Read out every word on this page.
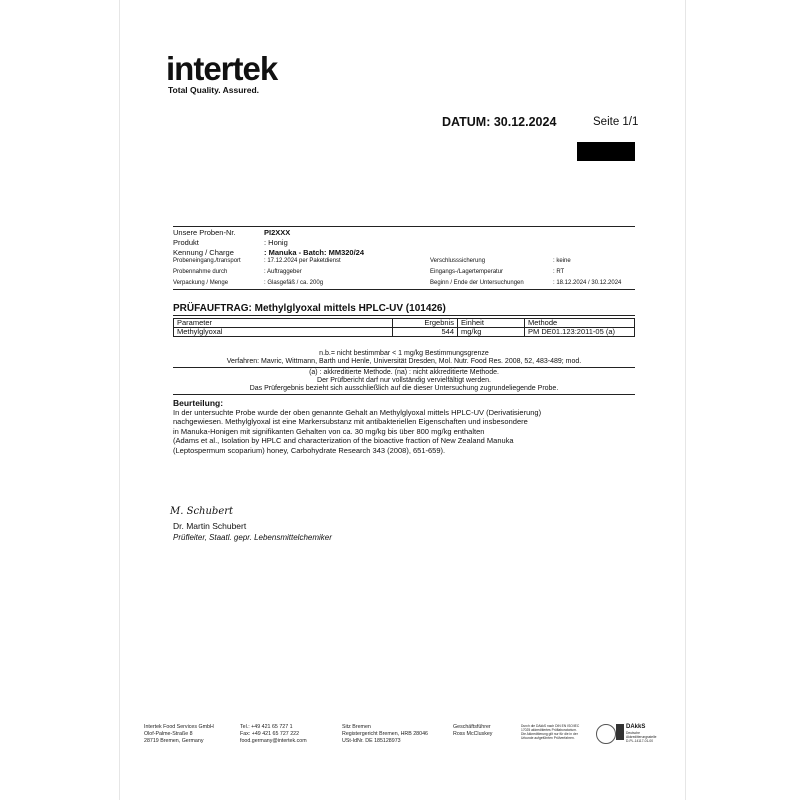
intertek
Total Quality. Assured.
DATUM: 30.12.2024	Seite 1/1
Unsere Proben-Nr.	PI2XXX
Produkt	: Honig
Kennung / Charge	: Manuka - Batch: MM320/24
Probeneingang./transport	: 17.12.2024 per Paketdienst	Verschlusssicherung	: keine
Probennahme durch	: Auftraggeber	Eingangs-/Lagertemperatur	: RT
Verpackung / Menge	: Glasgefäß / ca. 200g	Beginn / Ende der Untersuchungen	: 18.12.2024 / 30.12.2024
PRÜFAUFTRAG: Methylglyoxal mittels HPLC-UV (101426)
Parameter	Ergebnis	Einheit	Methode
Methylglyoxal	544	mg/kg	PM DE01.123:2011-05 (a)
n.b.= nicht bestimmbar < 1 mg/kg Bestimmungsgrenze
Verfahren: Mavric, Wittmann, Barth und Henle, Universität Dresden, Mol. Nutr. Food Res. 2008, 52, 483-489; mod.
(a) : akkreditierte Methode. (na) : nicht akkreditierte Methode.
Der Prüfbericht darf nur vollständig vervielfältigt werden.
Das Prüfergebnis bezieht sich ausschließlich auf die dieser Untersuchung zugrundeliegende Probe.
Beurteilung:
In der untersuchte Probe wurde der oben genannte Gehalt an Methylglyoxal mittels HPLC-UV (Derivatisierung)
nachgewiesen. Methylglyoxal ist eine Markersubstanz mit antibakteriellen Eigenschaften und insbesondere
in Manuka-Honigen mit signifikanten Gehalten von ca. 30 mg/kg bis über 800 mg/kg enthalten
(Adams et al., Isolation by HPLC and characterization of the bioactive fraction of New Zealand Manuka
(Leptospermum scoparium) honey, Carbohydrate Research 343 (2008), 651-659).
M. Schubert
Dr. Martin Schubert
Prüfleiter, Staatl. gepr. Lebensmittelchemiker
Intertek Food Services GmbH
Olof-Palme-Straße 8
28719 Bremen, Germany
Tel.: +49 421 65 727 1
Fax: +49 421 65 727 222
food.germany@intertek.com
Sitz Bremen
Registergericht Bremen, HRB 28046
USt-IdNr. DE 185128973
Geschäftsführer
Ross McCluskey
Durch die DAkkS nach DIN EN ISO/IEC
17025 akkreditiertes Prüflaboratorium.
Die Akkreditierung gilt nur für die in der
Urkunde aufgeführten Prüfverfahren.
DAkkS
Deutsche
Akkreditierungsstelle
D-PL-14117-01-00
